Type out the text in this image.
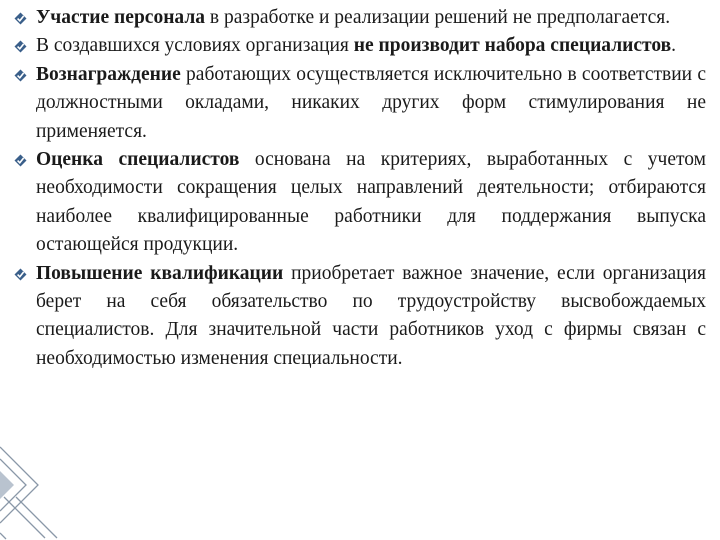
Участие персонала в разработке и реализации решений не предполагается.
В создавшихся условиях организация не производит набора специалистов.
Вознаграждение работающих осуществляется исключительно в соответствии с должностными окладами, никаких других форм стимулирования не применяется.
Оценка специалистов основана на критериях, выработанных с учетом необходимости сокращения целых направлений деятельности; отбираются наиболее квалифицированные работники для поддержания выпуска остающейся продукции.
Повышение квалификации приобретает важное значение, если организация берет на себя обязательство по трудоустройству высвобождаемых специалистов. Для значительной части работников уход с фирмы связан с необходимостью изменения специальности.
